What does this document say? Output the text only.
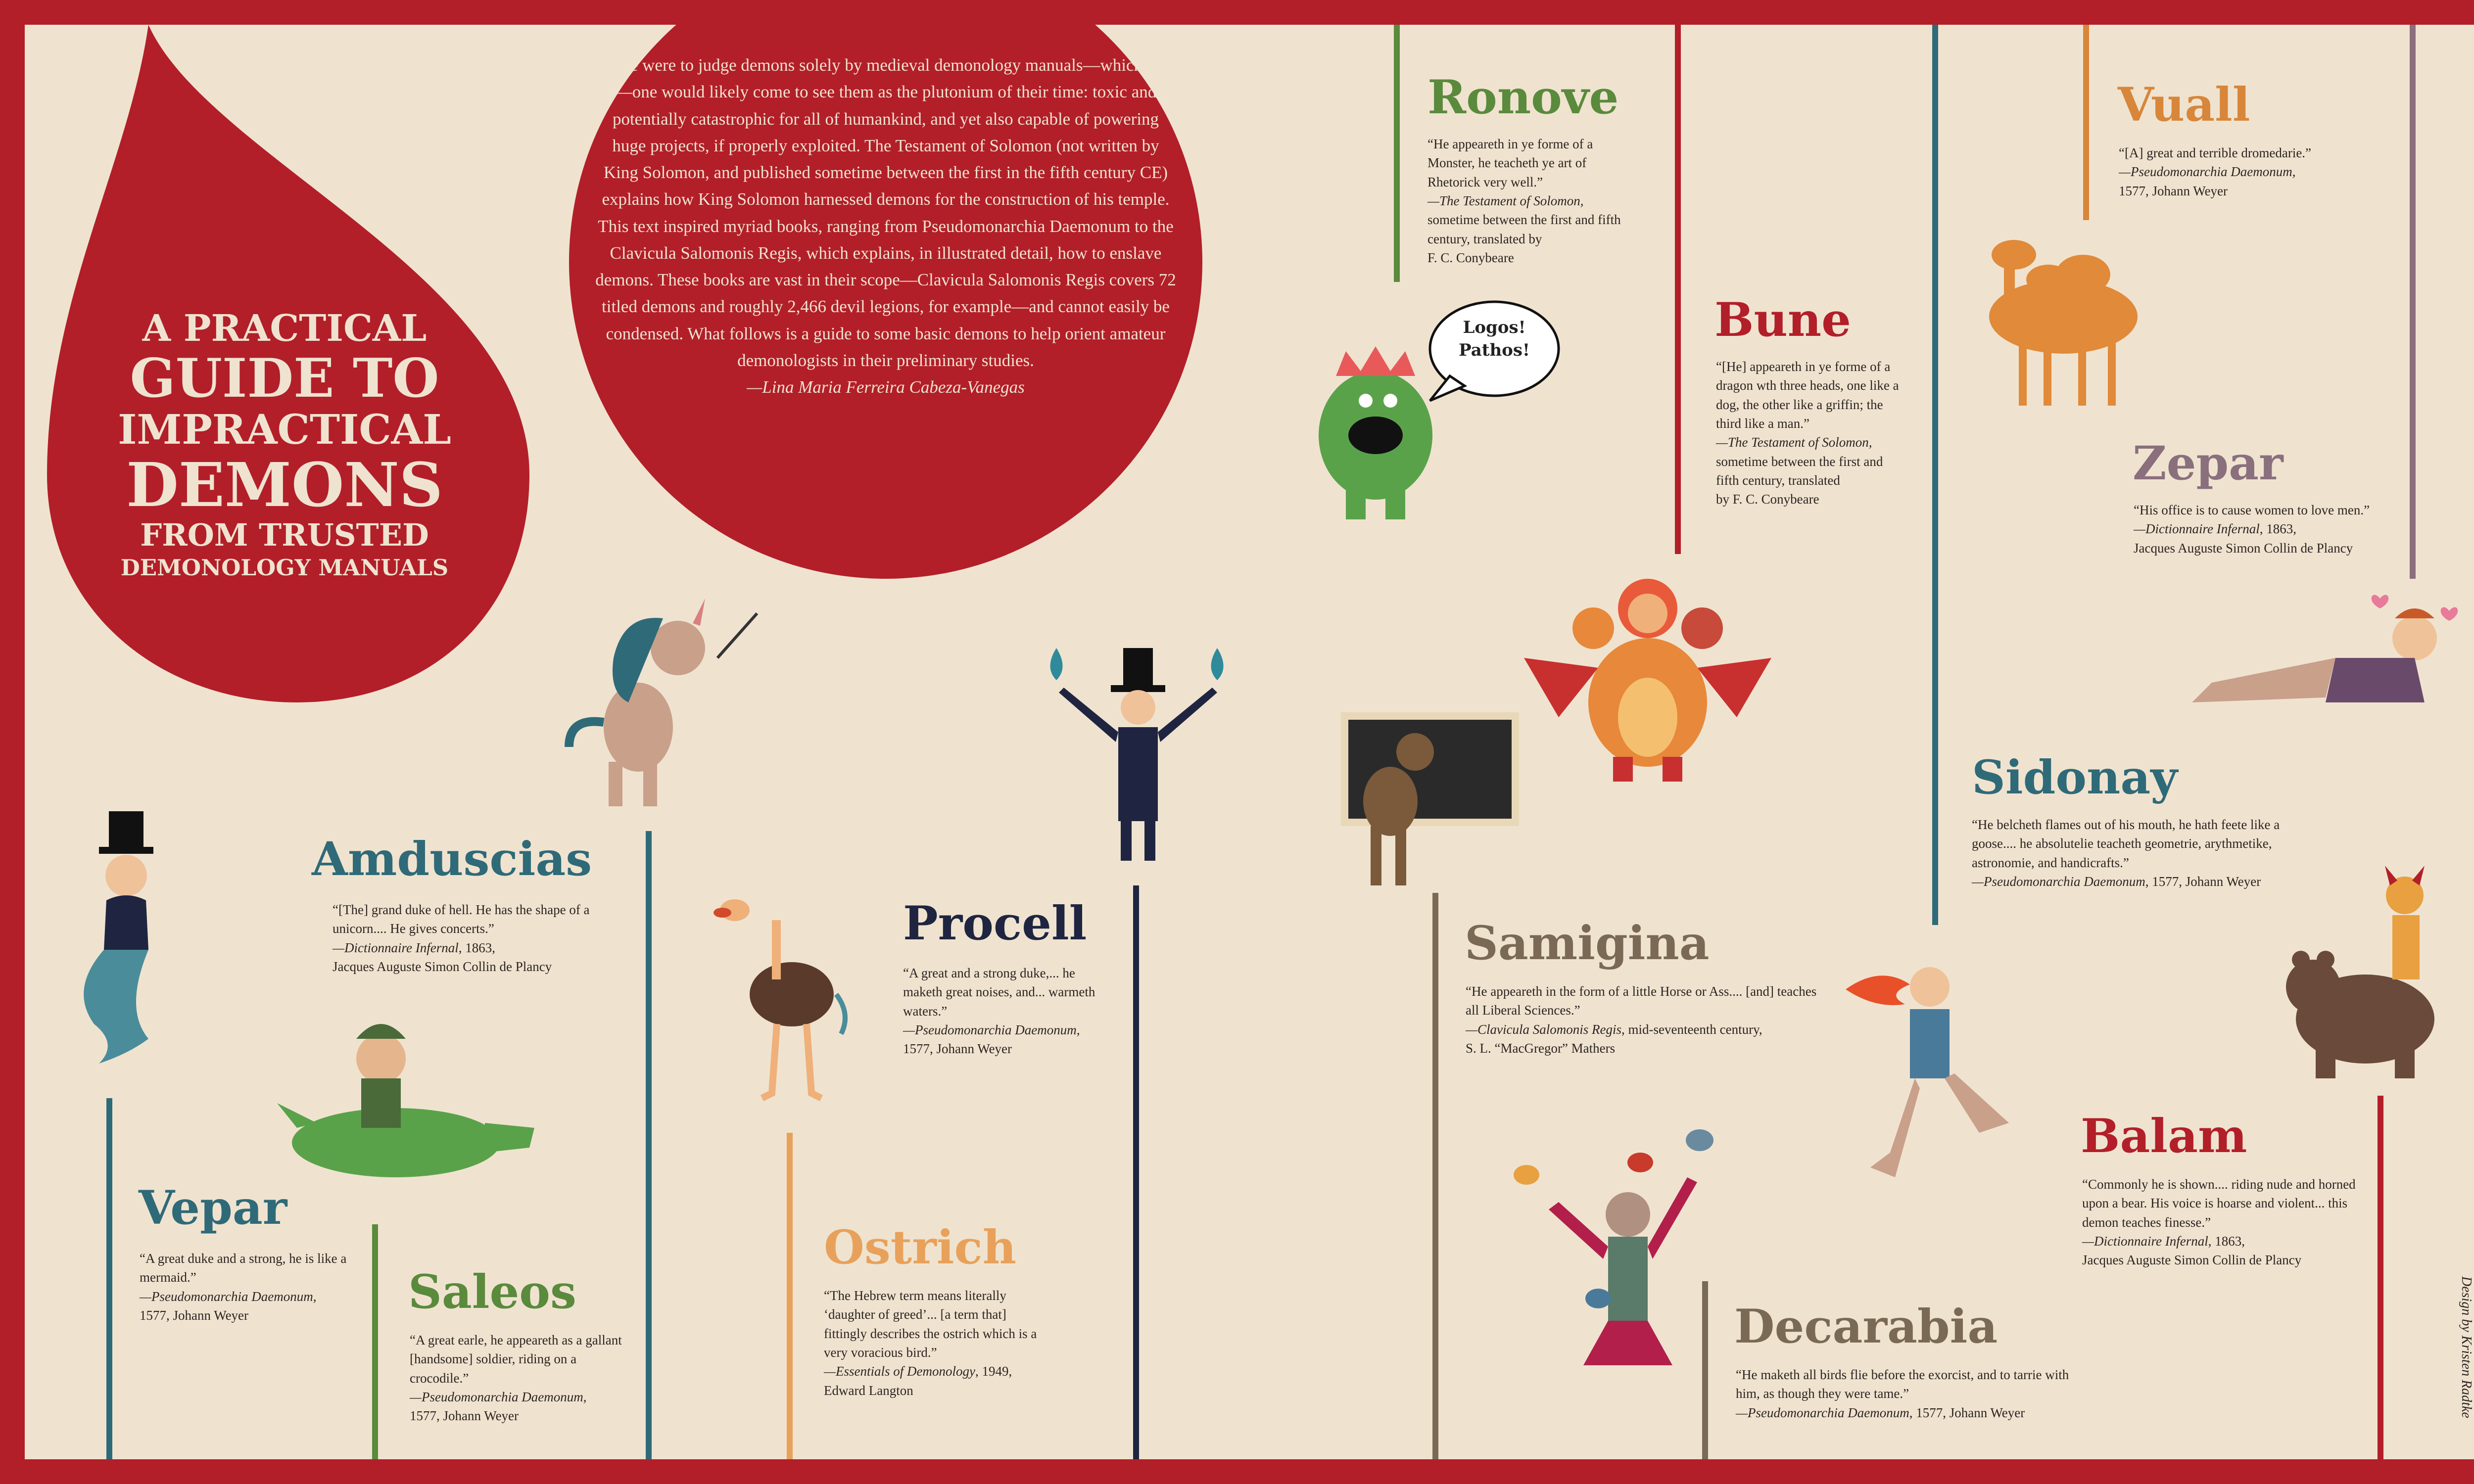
A PRACTICAL
GUIDE TO
IMPRACTICAL
DEMONS
FROM TRUSTED
DEMONOLOGY MANUALS

If one were to judge demons solely by medieval demonology manuals—which I do—one would likely come to see them as the plutonium of their time: toxic and potentially catastrophic for all of humankind, and yet also capable of powering huge projects, if properly exploited. The Testament of Solomon (not written by King Solomon, and published sometime between the first in the fifth century CE) explains how King Solomon harnessed demons for the construction of his temple. This text inspired myriad books, ranging from Pseudomonarchia Daemonum to the Clavicula Salomonis Regis, which explains, in illustrated detail, how to enslave demons. These books are vast in their scope—Clavicula Salomonis Regis covers 72 titled demons and roughly 2,466 devil legions, for example—and cannot easily be condensed. What follows is a guide to some basic demons to help orient amateur demonologists in their preliminary studies.

—Lina Maria Ferreira Cabeza-Vanegas

Logos!
Pathos!
Amduscias
“[The] grand duke of hell. He has the shape of a unicorn.... He gives concerts.”
—Dictionnaire Infernal, 1863,
Jacques Auguste Simon Collin de Plancy
Vepar
“A great duke and a strong, he is like a mermaid.”
—Pseudomonarchia Daemonum,
1577, Johann Weyer	Saleos
“A great earle, he appeareth as a gallant [handsome] soldier, riding on a crocodile.”
—Pseudomonarchia Daemonum,
1577, Johann Weyer
Procell
“A great and a strong duke,... he maketh great noises, and... warmeth waters.”
—Pseudomonarchia Daemonum,
1577, Johann Weyer
Ostrich
“The Hebrew term means literally ‘daughter of greed’... [a term that] fittingly describes the ostrich which is a very voracious bird.”
—Essentials of Demonology, 1949,
Edward Langton
Ronove
“He appeareth in ye forme of a Monster, he teacheth ye art of Rhetorick very well.”
—The Testament of Solomon,
sometime between the first and fifth century, translated by
F. C. Conybeare
Bune
“[He] appeareth in ye forme of a dragon wth three heads, one like a dog, the other like a griffin; the third like a man.”
—The Testament of Solomon,
sometime between the first and fifth century, translated
by F. C. Conybeare
Samigina
“He appeareth in the form of a little Horse or Ass.... [and] teaches all Liberal Sciences.”
—Clavicula Salomonis Regis, mid-seventeenth century,
S. L. “MacGregor” Mathers
Decarabia
“He maketh all birds flie before the exorcist, and to tarrie with him, as though they were tame.”
—Pseudomonarchia Daemonum, 1577, Johann Weyer
Vuall
“[A] great and terrible dromedarie.”
—Pseudomonarchia Daemonum,
1577, Johann Weyer
Zepar
“His office is to cause women to love men.”
—Dictionnaire Infernal, 1863,
Jacques Auguste Simon Collin de Plancy
Sidonay
“He belcheth flames out of his mouth, he hath feete like a goose.... he absolutelie teacheth geometrie, arythmetike, astronomie, and handicrafts.”
—Pseudomonarchia Daemonum, 1577, Johann Weyer
Balam
“Commonly he is shown.... riding nude and horned upon a bear. His voice is hoarse and violent... this demon teaches finesse.”
—Dictionnaire Infernal, 1863,
Jacques Auguste Simon Collin de Plancy
Design by Kristen Radtke
